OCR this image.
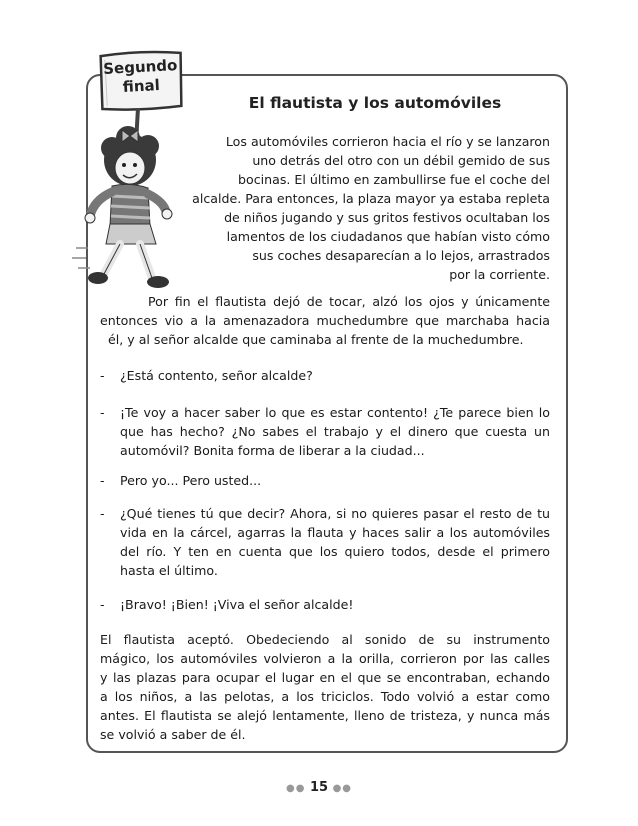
Segundo
final
El flautista y los automóviles

Los automóviles corrieron hacia el río y se lanzaron
uno detrás del otro con un débil gemido de sus
bocinas. El último en zambullirse fue el coche del
alcalde. Para entonces, la plaza mayor ya estaba repleta
de niños jugando y sus gritos festivos ocultaban los
lamentos de los ciudadanos que habían visto cómo
sus coches desaparecían a lo lejos, arrastrados
por la corriente.

Por fin el flautista dejó de tocar, alzó los ojos y únicamente
entonces vio a la amenazadora muchedumbre que marchaba hacia
él, y al señor alcalde que caminaba al frente de la muchedumbre.

- ¿Está contento, señor alcalde?
- ¡Te voy a hacer saber lo que es estar contento! ¿Te parece bien lo
que has hecho? ¿No sabes el trabajo y el dinero que cuesta un
automóvil? Bonita forma de liberar a la ciudad...
- Pero yo... Pero usted...
- ¿Qué tienes tú que decir? Ahora, si no quieres pasar el resto de tu
vida en la cárcel, agarras la flauta y haces salir a los automóviles
del río. Y ten en cuenta que los quiero todos, desde el primero
hasta el último.
- ¡Bravo! ¡Bien! ¡Viva el señor alcalde!

El flautista aceptó. Obedeciendo al sonido de su instrumento
mágico, los automóviles volvieron a la orilla, corrieron por las calles
y las plazas para ocupar el lugar en el que se encontraban, echando
a los niños, a las pelotas, a los triciclos. Todo volvió a estar como
antes. El flautista se alejó lentamente, lleno de tristeza, y nunca más
se volvió a saber de él.

●● 15 ●●
